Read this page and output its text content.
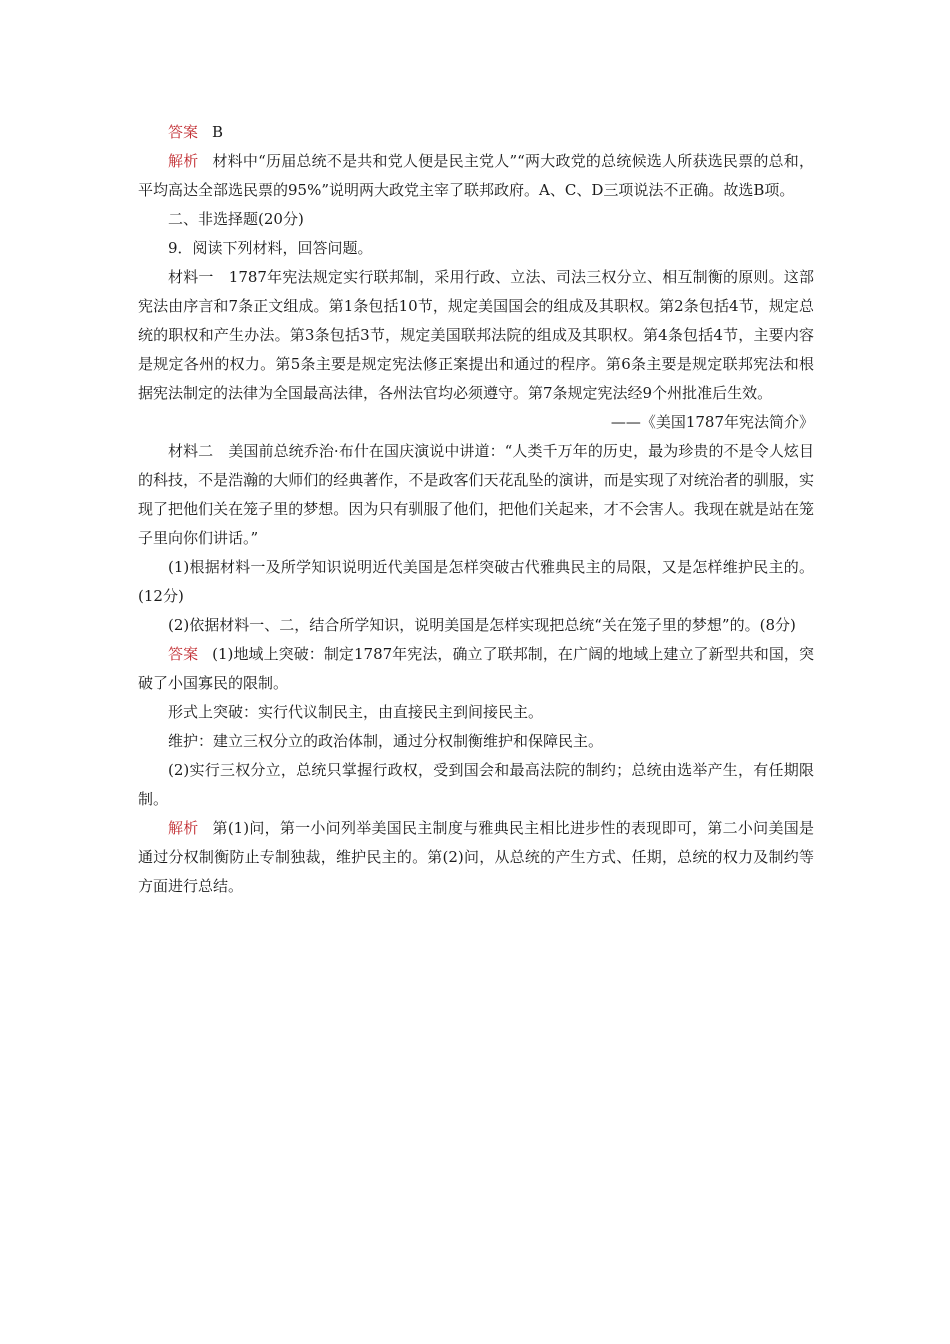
答案 B

解析 材料中“历届总统不是共和党人便是民主党人”“两大政党的总统候选人所获选民票的总和，平均高达全部选民票的95%”说明两大政党主宰了联邦政府。A、C、D三项说法不正确。故选B项。

二、非选择题(20分)

9．阅读下列材料，回答问题。

材料一　1787年宪法规定实行联邦制，采用行政、立法、司法三权分立、相互制衡的原则。这部宪法由序言和7条正文组成。第1条包括10节，规定美国国会的组成及其职权。第2条包括4节，规定总统的职权和产生办法。第3条包括3节，规定美国联邦法院的组成及其职权。第4条包括4节，主要内容是规定各州的权力。第5条主要是规定宪法修正案提出和通过的程序。第6条主要是规定联邦宪法和根据宪法制定的法律为全国最高法律，各州法官均必须遵守。第7条规定宪法经9个州批准后生效。

——《美国1787年宪法简介》

材料二　美国前总统乔治·布什在国庆演说中讲道：“人类千万年的历史，最为珍贵的不是令人炫目的科技，不是浩瀚的大师们的经典著作，不是政客们天花乱坠的演讲，而是实现了对统治者的驯服，实现了把他们关在笼子里的梦想。因为只有驯服了他们，把他们关起来，才不会害人。我现在就是站在笼子里向你们讲话。”

(1)根据材料一及所学知识说明近代美国是怎样突破古代雅典民主的局限，又是怎样维护民主的。(12分)

(2)依据材料一、二，结合所学知识，说明美国是怎样实现把总统“关在笼子里的梦想”的。(8分)

答案 (1)地域上突破：制定1787年宪法，确立了联邦制，在广阔的地域上建立了新型共和国，突破了小国寡民的限制。

形式上突破：实行代议制民主，由直接民主到间接民主。

维护：建立三权分立的政治体制，通过分权制衡维护和保障民主。

(2)实行三权分立，总统只掌握行政权，受到国会和最高法院的制约；总统由选举产生，有任期限制。

解析 第(1)问，第一小问列举美国民主制度与雅典民主相比进步性的表现即可，第二小问美国是通过分权制衡防止专制独裁，维护民主的。第(2)问，从总统的产生方式、任期，总统的权力及制约等方面进行总结。
